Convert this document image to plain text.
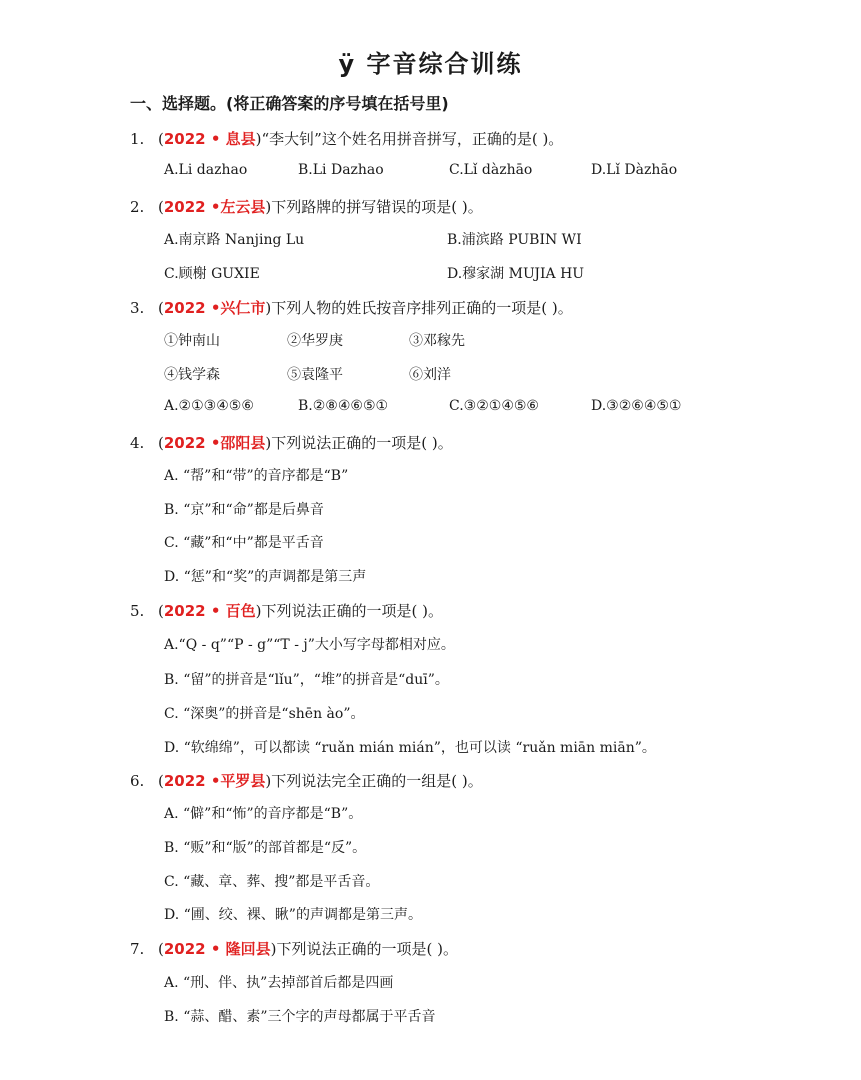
ÿ 字音综合训练
一、选择题。(将正确答案的序号填在括号里)
1. (2022 • 息县)“李大钊”这个姓名用拼音拼写，正确的是( )。
A.Li dazhao	B.Li Dazhao	C.Lǐ dàzhāo	D.Lǐ Dàzhāo
2. (2022 •左云县)下列路牌的拼写错误的项是( )。
A.南京路 Nanjing Lu	B.浦滨路 PUBIN WI
C.顾榭 GUXIE	D.穆家湖 MUJIA HU
3. (2022 •兴仁市)下列人物的姓氏按音序排列正确的一项是( )。
①钟南山	②华罗庚	③邓稼先
④钱学森	⑤袁隆平	⑥刘洋
A.②①③④⑤⑥	B.②⑧④⑥⑤①	C.③②①④⑤⑥	D.③②⑥④⑤①
4. (2022 •邵阳县)下列说法正确的一项是( )。
A. “帮”和“带”的音序都是“B”
B. “京”和“命”都是后鼻音
C. “藏”和“中”都是平舌音
D. “惩”和“奖”的声调都是第三声
5. (2022 • 百色)下列说法正确的一项是( )。
A.“Q - q”“P - g”“T - j”大小写字母都相对应。
B. “留”的拼音是“lǐu”，“堆”的拼音是“duī”。
C. “深奥”的拼音是“shēn ào”。
D. “软绵绵”，可以都读 “ruǎn mián mián”，也可以读 “ruǎn miān miān”。
6. (2022 •平罗县)下列说法完全正确的一组是( )。
A. “僻”和“怖”的音序都是“B”。
B. “贩”和“版”的部首都是“反”。
C. “藏、章、葬、搜”都是平舌音。
D. “圃、绞、裸、瞅”的声调都是第三声。
7. (2022 • 隆回县)下列说法正确的一项是( )。
A. “刑、伴、执”去掉部首后都是四画
B. “蒜、醋、素”三个字的声母都属于平舌音
